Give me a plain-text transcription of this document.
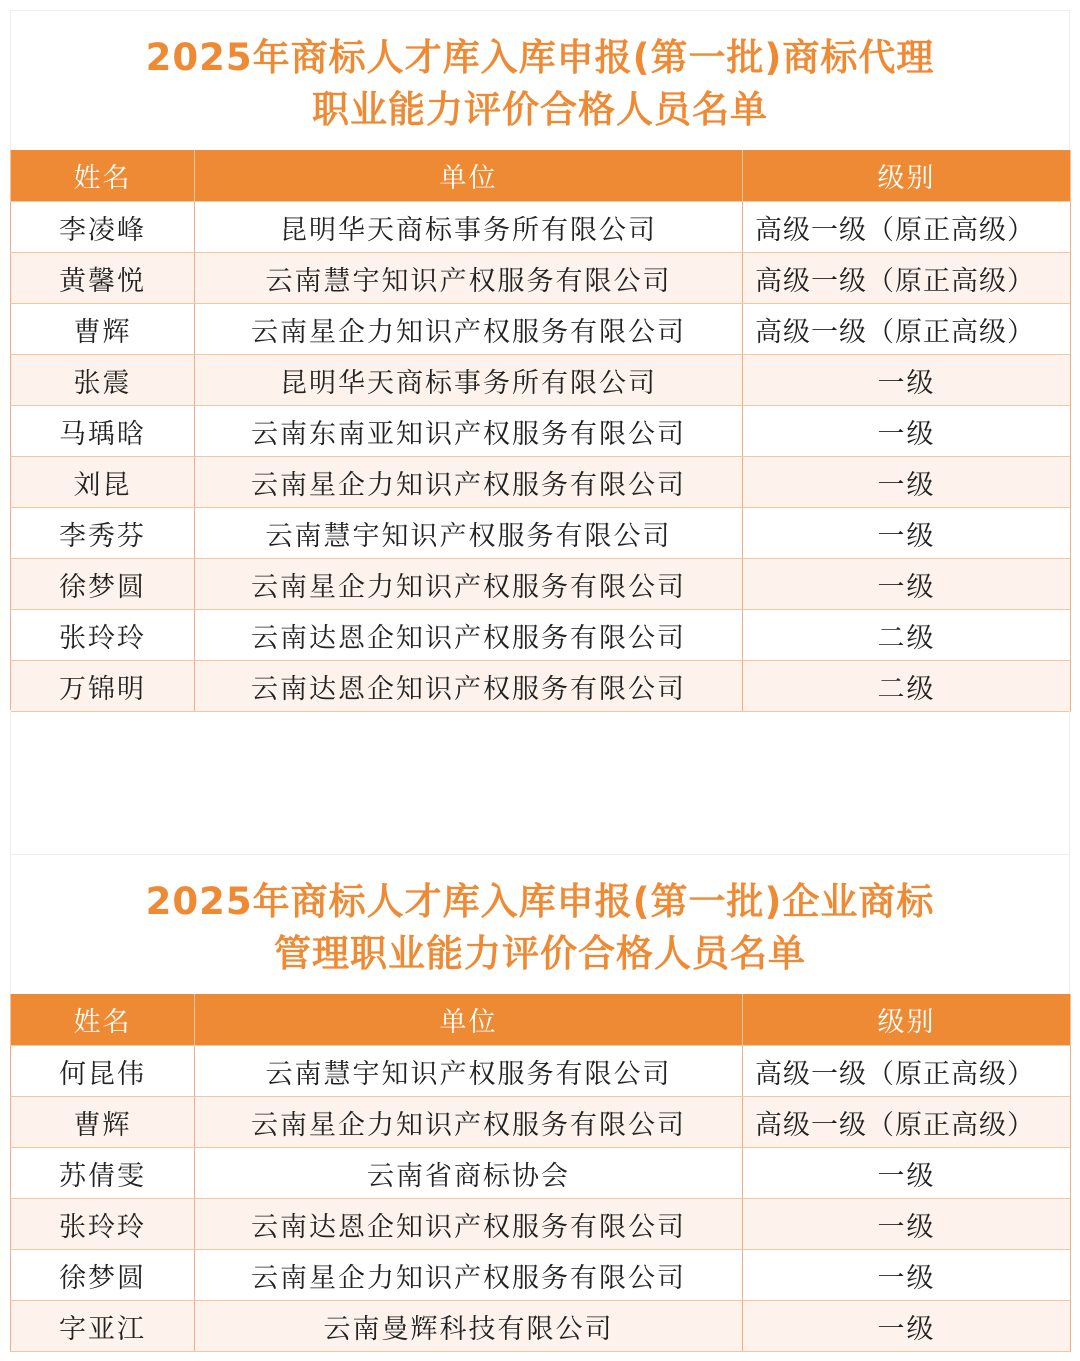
2025年商标人才库入库申报(第一批)商标代理
职业能力评价合格人员名单
姓名	单位	级别
李凌峰	昆明华天商标事务所有限公司	高级一级（原正高级）
黄馨悦	云南慧宇知识产权服务有限公司	高级一级（原正高级）
曹辉	云南星企力知识产权服务有限公司	高级一级（原正高级）
张震	昆明华天商标事务所有限公司	一级
马瑀晗	云南东南亚知识产权服务有限公司	一级
刘昆	云南星企力知识产权服务有限公司	一级
李秀芬	云南慧宇知识产权服务有限公司	一级
徐梦圆	云南星企力知识产权服务有限公司	一级
张玲玲	云南达恩企知识产权服务有限公司	二级
万锦明	云南达恩企知识产权服务有限公司	二级
2025年商标人才库入库申报(第一批)企业商标
管理职业能力评价合格人员名单
姓名	单位	级别
何昆伟	云南慧宇知识产权服务有限公司	高级一级（原正高级）
曹辉	云南星企力知识产权服务有限公司	高级一级（原正高级）
苏倩雯	云南省商标协会	一级
张玲玲	云南达恩企知识产权服务有限公司	一级
徐梦圆	云南星企力知识产权服务有限公司	一级
字亚江	云南曼辉科技有限公司	一级
